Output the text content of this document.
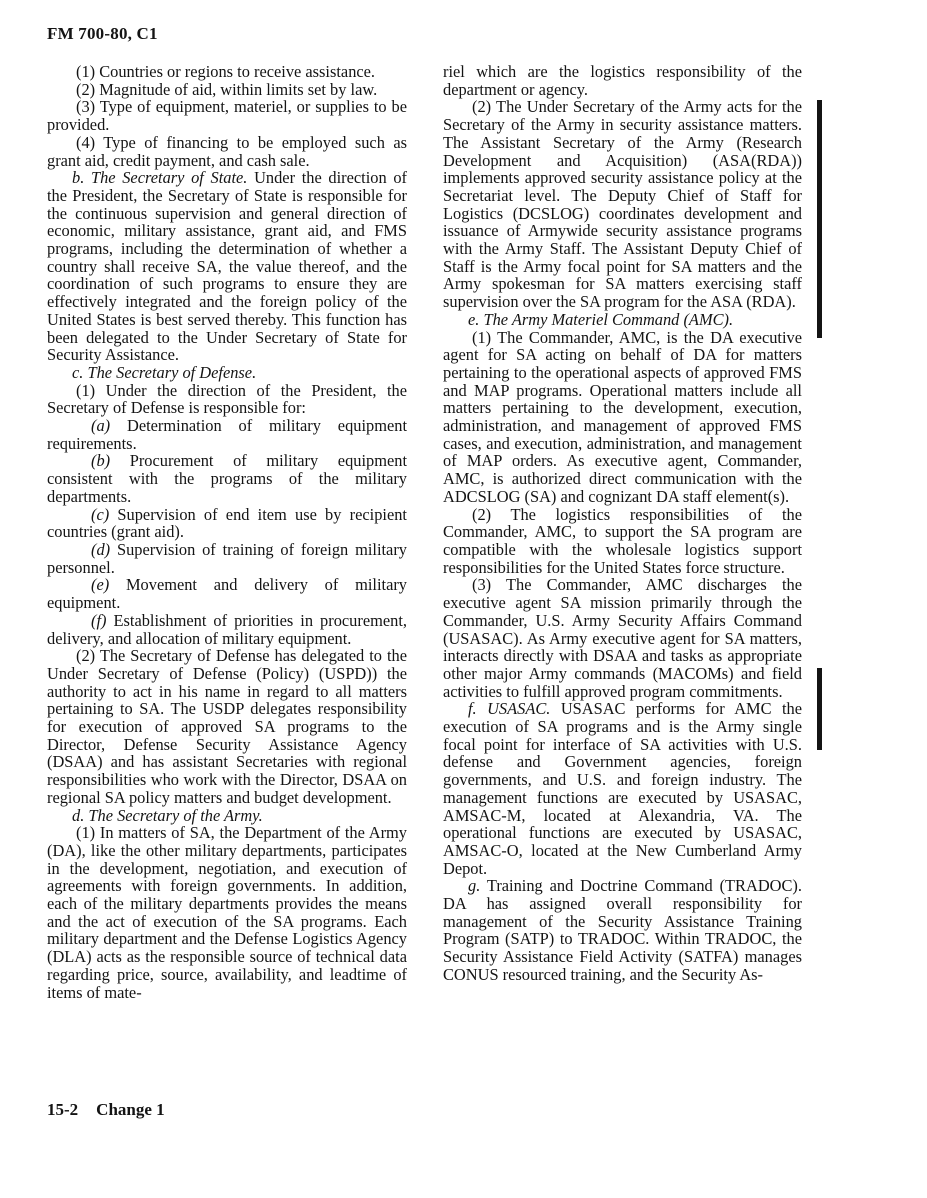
FM 700-80, C1

(1) Countries or regions to receive assistance.

(2) Magnitude of aid, within limits set by law.

(3) Type of equipment, materiel, or supplies to be provided.

(4) Type of financing to be employed such as grant aid, credit payment, and cash sale.

b. The Secretary of State. Under the direction of the President, the Secretary of State is responsible for the continuous supervision and general direction of economic, military assistance, grant aid, and FMS programs, including the determination of whether a country shall receive SA, the value thereof, and the coordination of such programs to ensure they are effectively integrated and the foreign policy of the United States is best served thereby. This function has been delegated to the Under Secretary of State for Security Assistance.

c. The Secretary of Defense.

(1) Under the direction of the President, the Secretary of Defense is responsible for:

(a) Determination of military equipment requirements.

(b) Procurement of military equipment consistent with the programs of the military departments.

(c) Supervision of end item use by recipient countries (grant aid).

(d) Supervision of training of foreign military personnel.

(e) Movement and delivery of military equipment.

(f) Establishment of priorities in procurement, delivery, and allocation of military equipment.

(2) The Secretary of Defense has delegated to the Under Secretary of Defense (Policy) (USPD)) the authority to act in his name in regard to all matters pertaining to SA. The USDP delegates responsibility for execution of approved SA programs to the Director, Defense Security Assistance Agency (DSAA) and has assistant Secretaries with regional responsibilities who work with the Director, DSAA on regional SA policy matters and budget development.

d. The Secretary of the Army.

(1) In matters of SA, the Department of the Army (DA), like the other military departments, participates in the development, negotiation, and execution of agreements with foreign governments. In addition, each of the military departments provides the means and the act of execution of the SA programs. Each military department and the Defense Logistics Agency (DLA) acts as the responsible source of technical data regarding price, source, availability, and leadtime of items of mate-

riel which are the logistics responsibility of the department or agency.

(2) The Under Secretary of the Army acts for the Secretary of the Army in security assistance matters. The Assistant Secretary of the Army (Research Development and Acquisition) (ASA(RDA)) implements approved security assistance policy at the Secretariat level. The Deputy Chief of Staff for Logistics (DCSLOG) coordinates development and issuance of Armywide security assistance programs with the Army Staff. The Assistant Deputy Chief of Staff is the Army focal point for SA matters and the Army spokesman for SA matters exercising staff supervision over the SA program for the ASA (RDA).

e. The Army Materiel Command (AMC).

(1) The Commander, AMC, is the DA executive agent for SA acting on behalf of DA for matters pertaining to the operational aspects of approved FMS and MAP programs. Operational matters include all matters pertaining to the development, execution, administration, and management of approved FMS cases, and execution, administration, and management of MAP orders. As executive agent, Commander, AMC, is authorized direct communication with the ADCSLOG (SA) and cognizant DA staff element(s).

(2) The logistics responsibilities of the Commander, AMC, to support the SA program are compatible with the wholesale logistics support responsibilities for the United States force structure.

(3) The Commander, AMC discharges the executive agent SA mission primarily through the Commander, U.S. Army Security Affairs Command (USASAC). As Army executive agent for SA matters, interacts directly with DSAA and tasks as appropriate other major Army commands (MACOMs) and field activities to fulfill approved program commitments.

f. USASAC. USASAC performs for AMC the execution of SA programs and is the Army single focal point for interface of SA activities with U.S. defense and Government agencies, foreign governments, and U.S. and foreign industry. The management functions are executed by USASAC, AMSAC-M, located at Alexandria, VA. The operational functions are executed by USASAC, AMSAC-O, located at the New Cumberland Army Depot.

g. Training and Doctrine Command (TRADOC). DA has assigned overall responsibility for management of the Security Assistance Training Program (SATP) to TRADOC. Within TRADOC, the Security Assistance Field Activity (SATFA) manages CONUS resourced training, and the Security As-

15-2 Change 1
